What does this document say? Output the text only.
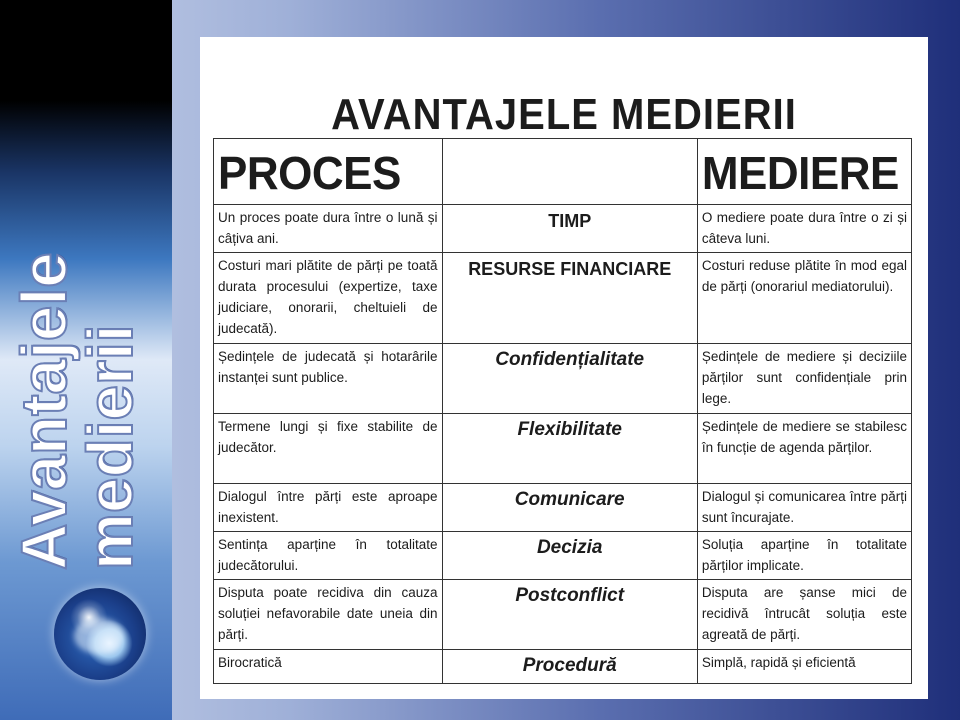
Avantajele
medierii
AVANTAJELE MEDIERII
PROCES		MEDIERE

Un proces poate dura între o lună și câțiva ani.	TIMP	O mediere poate dura între o zi și câteva luni.
Costuri mari plătite de părți pe toată durata procesului (expertize, taxe judiciare, onorarii, cheltuieli de judecată).	RESURSE FINANCIARE	Costuri reduse plătite în mod egal de părți (onorariul mediatorului).
Ședințele de judecată și hotarârile instanței sunt publice.	Confidențialitate	Ședințele de mediere și deciziile părților sunt confidențiale prin lege.
Termene lungi și fixe stabilite de judecător.	Flexibilitate	Ședințele de mediere se stabilesc în funcție de agenda părților.
Dialogul între părți este aproape inexistent.	Comunicare	Dialogul și comunicarea între părți sunt încurajate.
Sentința aparține în totalitate judecătorului.	Decizia	Soluția aparține în totalitate părților implicate.
Disputa poate recidiva din cauza soluției nefavorabile date uneia din părți.	Postconflict	Disputa are șanse mici de recidivă întrucât soluția este agreată de părți.
Birocratică	Procedură	Simplă, rapidă și eficientă
